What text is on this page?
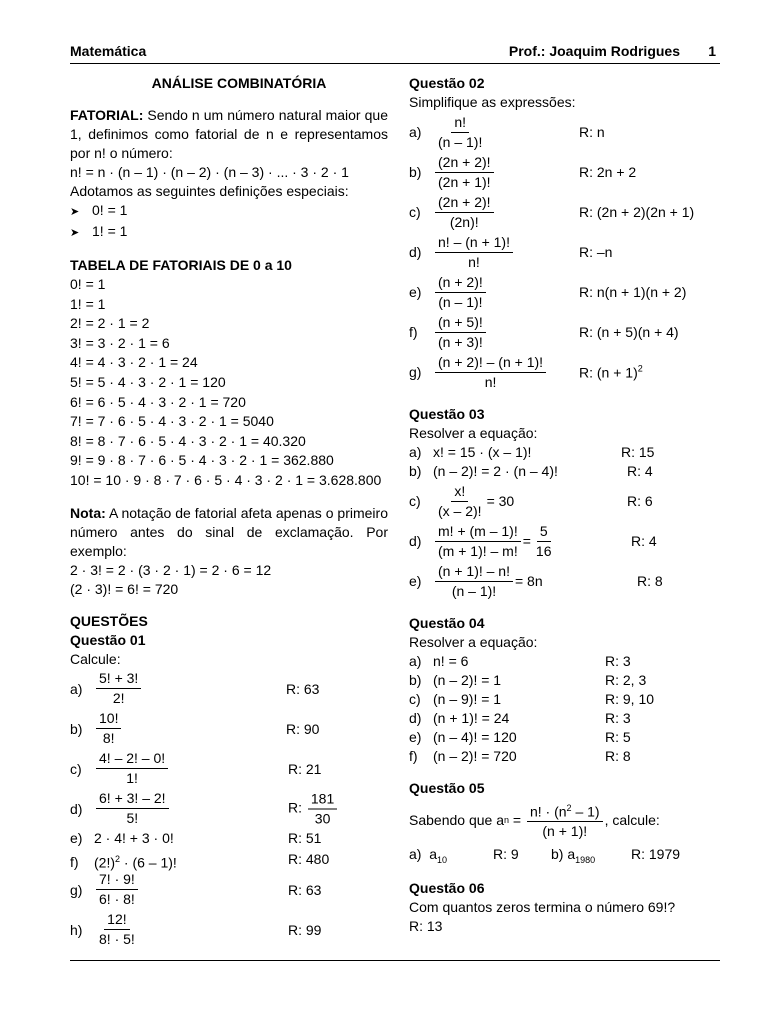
Matemática	Prof.: Joaquim Rodrigues 1
ANÁLISE COMBINATÓRIA
FATORIAL: Sendo n um número natural maior que 1, definimos como fatorial de n e representamos por n! o número:
n! = n · (n – 1) · (n – 2) · (n – 3) · ... · 3 · 2 · 1
Adotamos as seguintes definições especiais:
➤ 0! = 1
➤ 1! = 1
TABELA DE FATORIAIS DE 0 a 10
0! = 1
1! = 1
2! = 2 · 1 = 2
3! = 3 · 2 · 1 = 6
4! = 4 · 3 · 2 · 1 = 24
5! = 5 · 4 · 3 · 2 · 1 = 120
6! = 6 · 5 · 4 · 3 · 2 · 1 = 720
7! = 7 · 6 · 5 · 4 · 3 · 2 · 1 = 5040
8! = 8 · 7 · 6 · 5 · 4 · 3 · 2 · 1 = 40.320
9! = 9 · 8 · 7 · 6 · 5 · 4 · 3 · 2 · 1 = 362.880
10! = 10 · 9 · 8 · 7 · 6 · 5 · 4 · 3 · 2 · 1 = 3.628.800
Nota: A notação de fatorial afeta apenas o primeiro número antes do sinal de exclamação. Por exemplo:
2 · 3! = 2 · (3 · 2 · 1) = 2 · 6 = 12
(2 · 3)! = 6! = 720
QUESTÕES
Questão 01
Calcule:
$a) \frac{5! + 3!}{2!}$	R: 63
$b) \frac{10!}{8!}$	R: 90
c)	$\frac{4! - 2! - 0!}{1!}$	R: 21
$d) \frac{6! + 3! - 2!}{5!}$	R: $\frac{181}{30}$
e) 2 · 4! + 3 · 0!	R: 51
f) $(2!)^2 \cdot (6 - 1)$!	R: 480
$g) \frac{7! \cdot 9!}{6! \cdot 8!}$	R: 63
$h) \frac{12!}{8! \cdot 5!}$	R: 99
Questão 02
Simplifique as expressões:
$a) \frac{n!}{(n - 1)!}$	R: n
$b) \frac{(2n + 2)!}{(2n + 1)!}$	R: 2n + 2
c)	$\frac{(2n + 2)!}{(2n)!}$	R: (2n + 2)(2n + 1)
$d) \frac{n! - (n + 1)!}{n!}$	R: –n
$e) \frac{(n + 2)!}{(n - 1)!}$	R: n(n + 1)(n + 2)
f)	$\frac{(n + 5)!}{(n + 3)!}$	R: (n + 5)(n + 4)
$g) \frac{(n + 2)! - (n + 1)!}{n!} R$: $(n + 1)^2$
Questão 03
Resolver a equação:
a) x! = 15 · (x – 1)!	R: 15
b) (n – 2)! = 2 · (n – 4)!	R: 4
c)	$\frac{x!}{(x - 2)!} = 30$	R: 6
$d) \frac{m! + (m - 1)!}{(m + 1)! - m!} = \frac{5}{16}$	R: 4
$e) \frac{(n + 1)! - n!}{(n - 1)!} = 8n$	R: 8
Questão 04
Resolver a equação:
a) n! = 6	R: 3
b) (n – 2)! = 1	R: 2, 3
c) (n – 9)! = 1	R: 9, 10
d) (n + 1)! = 24	R: 3
e) (n – 4)! = 120	R: 5
f) (n – 2)! = 720	R: 8
Questão 05
Sabendo que a $n = \frac{n! \cdot (n^2 - 1)}{(n + 1)!}$ , calcule:
a) $a_{10}$	R: 9 b) $a_{1980}$	R: 1979
Questão 06
Com quantos zeros termina o número 69!?
R: 13
